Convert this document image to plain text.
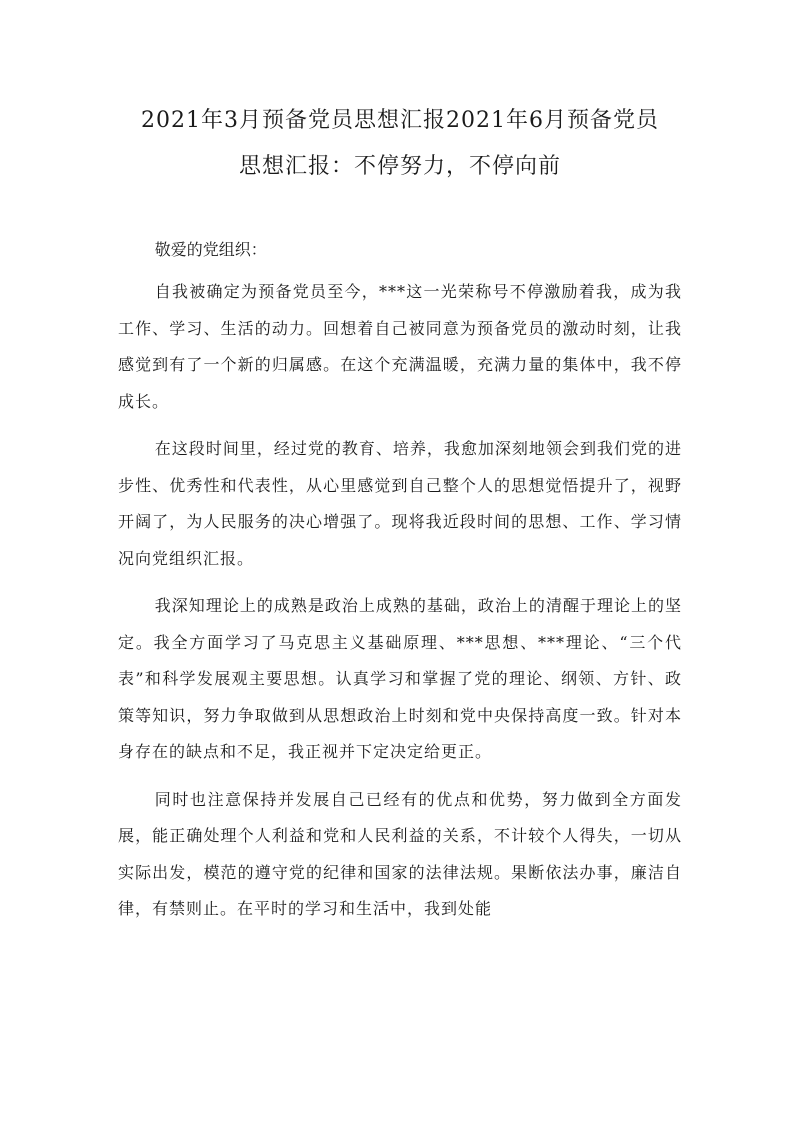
2021年3月预备党员思想汇报2021年6月预备党员
思想汇报：不停努力，不停向前

敬爱的党组织：

自我被确定为预备党员至今，***这一光荣称号不停激励着我，成为我工作、学习、生活的动力。回想着自己被同意为预备党员的激动时刻，让我感觉到有了一个新的归属感。在这个充满温暖，充满力量的集体中，我不停成长。

在这段时间里，经过党的教育、培养，我愈加深刻地领会到我们党的进步性、优秀性和代表性，从心里感觉到自己整个人的思想觉悟提升了，视野开阔了，为人民服务的决心增强了。现将我近段时间的思想、工作、学习情况向党组织汇报。

我深知理论上的成熟是政治上成熟的基础，政治上的清醒于理论上的坚定。我全方面学习了马克思主义基础原理、***思想、***理论、“三个代表”和科学发展观主要思想。认真学习和掌握了党的理论、纲领、方针、政策等知识，努力争取做到从思想政治上时刻和党中央保持高度一致。针对本身存在的缺点和不足，我正视并下定决定给更正。

同时也注意保持并发展自己已经有的优点和优势，努力做到全方面发展，能正确处理个人利益和党和人民利益的关系，不计较个人得失，一切从实际出发，模范的遵守党的纪律和国家的法律法规。果断依法办事，廉洁自律，有禁则止。在平时的学习和生活中，我到处能
